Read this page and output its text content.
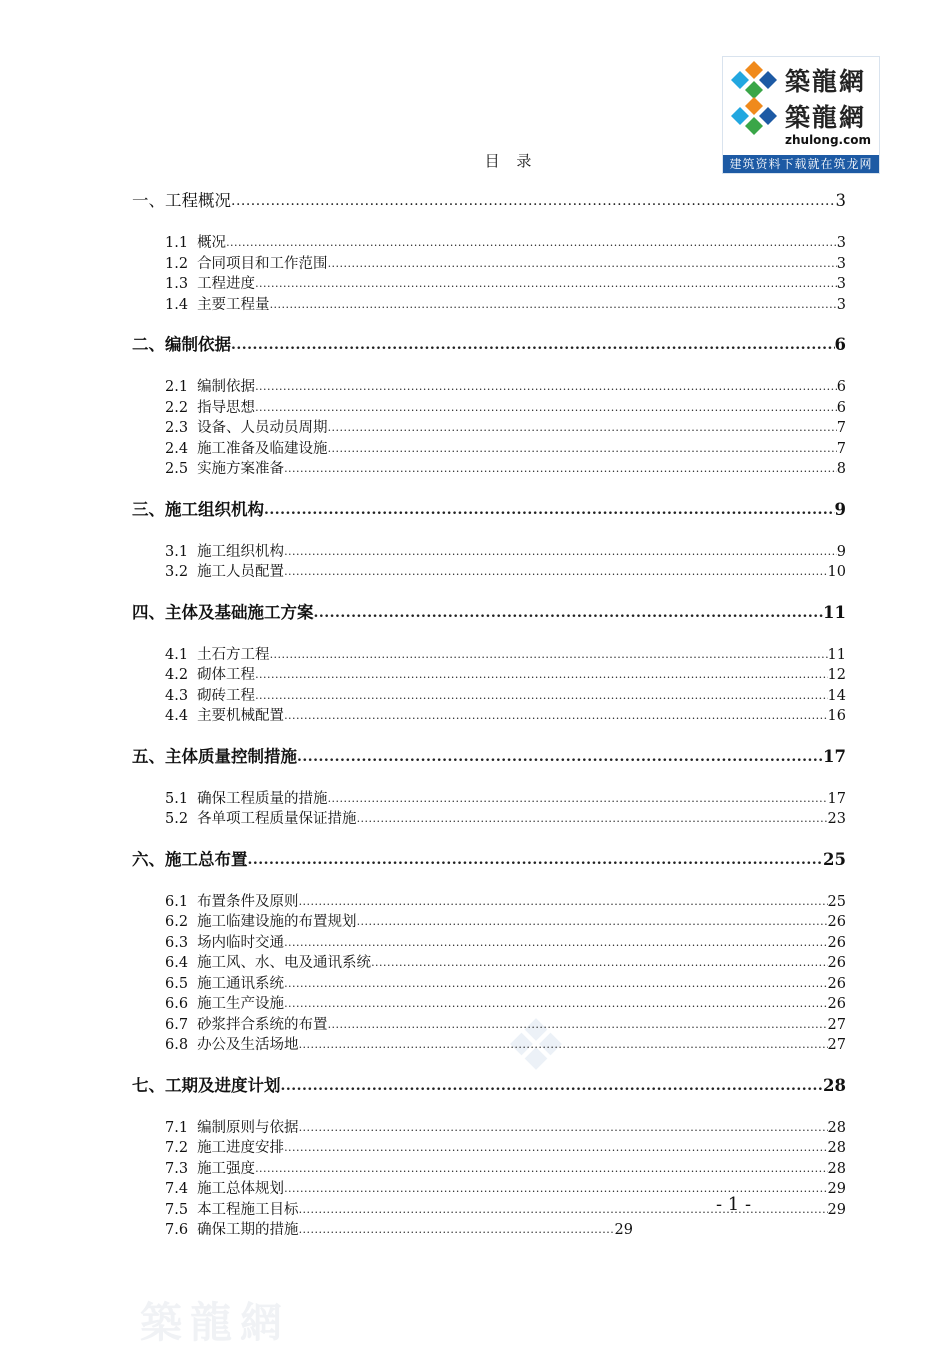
築龍網
築龍網
zhulong.com
建筑资料下载就在筑龙网
目 录
一、工程概况 .....	3
1.1 概况 .....	3
1.2 合同项目和工作范围 .....	3
1.3 工程进度 .....	3
1.4 主要工程量 .....	3
二、编制依据 .....	6
2.1 编制依据 .....	6
2.2 指导思想 .....	6
2.3 设备、人员动员周期 .....	7
2.4 施工准备及临建设施 .....	7
2.5 实施方案准备 .....	8
三、施工组织机构 .....	9
3.1 施工组织机构 .....	9
3.2 施工人员配置 .....	10
四、主体及基础施工方案 .....	11
4.1 土石方工程 .....	11
4.2 砌体工程 .....	12
4.3 砌砖工程 .....	14
4.4 主要机械配置 .....	16
五、主体质量控制措施 .....	17
5.1 确保工程质量的措施 .....	17
5.2 各单项工程质量保证措施 .....	23
六、施工总布置 .....	25
6.1 布置条件及原则 .....	25
6.2 施工临建设施的布置规划 .....	26
6.3 场内临时交通 .....	26
6.4 施工风、水、电及通讯系统 .....	26
6.5 施工通讯系统 .....	26
6.6 施工生产设施 .....	26
6.7 砂浆拌合系统的布置 .....	27
6.8 办公及生活场地 .....	27
七、工期及进度计划 .....	28
7.1 编制原则与依据 .....	28
7.2 施工进度安排 .....	28
7.3 施工强度 .....	28
7.4 施工总体规划 .....	29
7.5 本工程施工目标 .....	29
7.6 确保工期的措施 .....	29
- 1 -
築龍網
